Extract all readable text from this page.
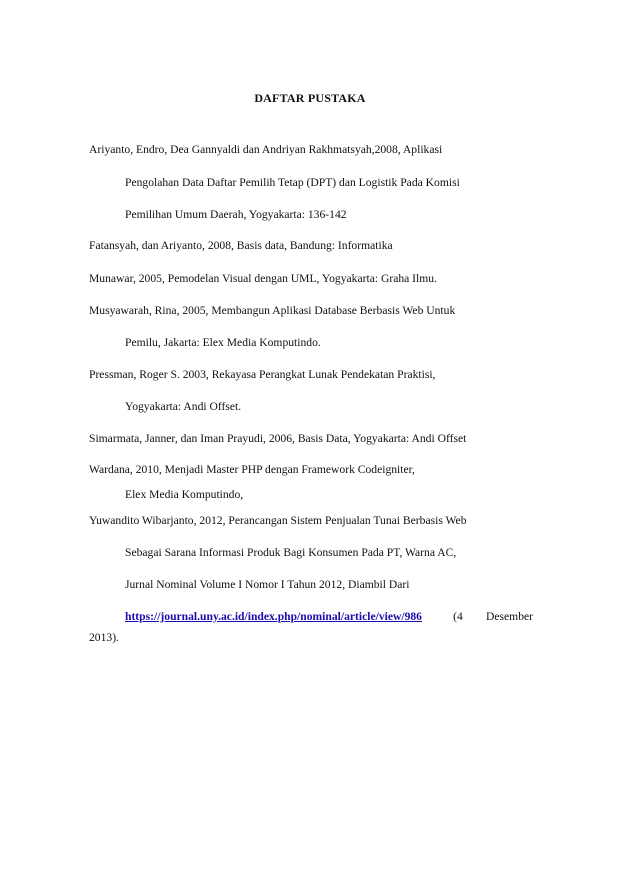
DAFTAR PUSTAKA
Ariyanto, Endro, Dea Gannyaldi dan Andriyan Rakhmatsyah,2008, Aplikasi
Pengolahan Data Daftar Pemilih Tetap (DPT) dan Logistik Pada Komisi
Pemilihan Umum Daerah, Yogyakarta: 136-142
Fatansyah, dan Ariyanto, 2008, Basis data, Bandung: Informatika
Munawar, 2005, Pemodelan Visual dengan UML, Yogyakarta: Graha Ilmu.
Musyawarah, Rina, 2005, Membangun Aplikasi Database Berbasis Web Untuk
Pemilu, Jakarta: Elex Media Komputindo.
Pressman, Roger S. 2003, Rekayasa Perangkat Lunak Pendekatan Praktisi,
Yogyakarta: Andi Offset.
Simarmata, Janner, dan Iman Prayudi, 2006, Basis Data, Yogyakarta: Andi Offset
Wardana, 2010, Menjadi Master PHP dengan Framework Codeigniter,
Elex Media Komputindo,
Yuwandito Wibarjanto, 2012, Perancangan Sistem Penjualan Tunai Berbasis Web
Sebagai Sarana Informasi Produk Bagi Konsumen Pada PT, Warna AC,
Jurnal Nominal Volume I Nomor I Tahun 2012, Diambil Dari
https://journal.uny.ac.id/index.php/nominal/article/view/986	(4 Desember
2013).
